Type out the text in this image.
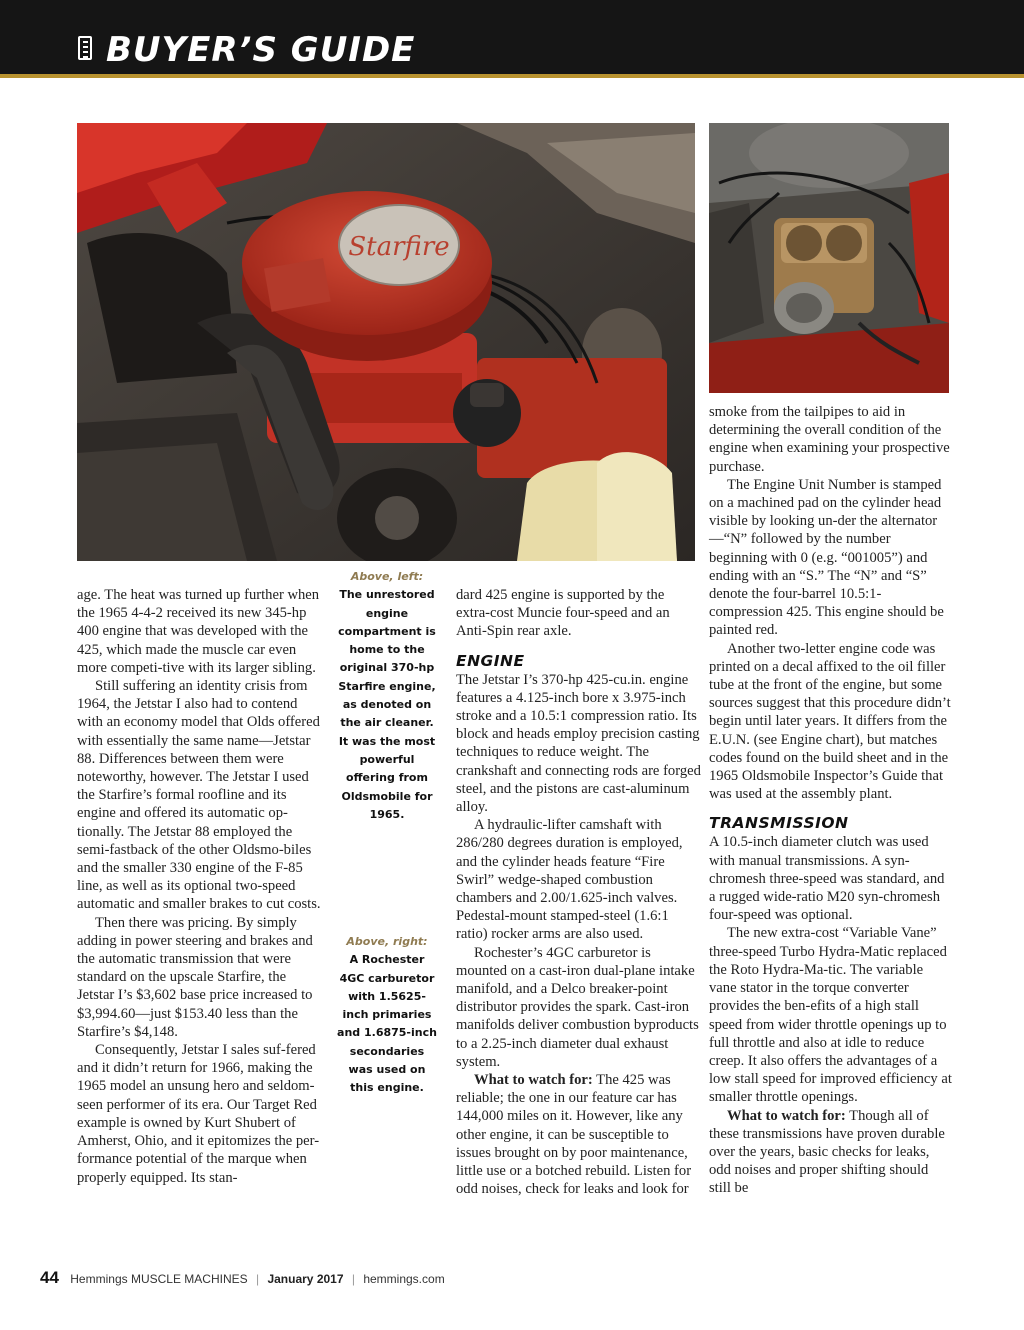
BUYER’S GUIDE
Starfire

age. The heat was turned up further when the 1965 4-4-2 received its new 345-hp 400 engine that was developed with the 425, which made the muscle car even more competi-tive with its larger sibling.

Still suffering an identity crisis from 1964, the Jetstar I also had to contend with an economy model that Olds offered with essentially the same name—Jetstar 88. Differences between them were noteworthy, however. The Jetstar I used the Starfire’s formal roofline and its engine and offered its automatic op-tionally. The Jetstar 88 employed the semi-fastback of the other Oldsmo-biles and the smaller 330 engine of the F-85 line, as well as its optional two-speed automatic and smaller brakes to cut costs.

Then there was pricing. By simply adding in power steering and brakes and the automatic transmission that were standard on the upscale Starfire, the Jetstar I’s $3,602 base price increased to $3,994.60—just $153.40 less than the Starfire’s $4,148.

Consequently, Jetstar I sales suf-fered and it didn’t return for 1966, making the 1965 model an unsung hero and seldom-seen performer of its era. Our Target Red example is owned by Kurt Shubert of Amherst, Ohio, and it epitomizes the per-formance potential of the marque when properly equipped. Its stan-

Above, left:
The unrestored engine compartment is home to the original 370-hp Starfire engine, as denoted on the air cleaner. It was the most powerful offering from Oldsmobile for 1965.
Above, right:
A Rochester 4GC carburetor with 1.5625-inch primaries and 1.6875-inch secondaries was used on this engine.

dard 425 engine is supported by the extra-cost Muncie four-speed and an Anti-Spin rear axle.

ENGINE

The Jetstar I’s 370-hp 425-cu.in. engine features a 4.125-inch bore x 3.975-inch stroke and a 10.5:1 compression ratio. Its block and heads employ precision casting techniques to reduce weight. The crankshaft and connecting rods are forged steel, and the pistons are cast-aluminum alloy.

A hydraulic-lifter camshaft with 286/280 degrees duration is employed, and the cylinder heads feature “Fire Swirl” wedge-shaped combustion chambers and 2.00/1.625-inch valves. Pedestal-mount stamped-steel (1.6:1 ratio) rocker arms are also used.

Rochester’s 4GC carburetor is mounted on a cast-iron dual-plane intake manifold, and a Delco breaker-point distributor provides the spark. Cast-iron manifolds deliver combustion byproducts to a 2.25-inch diameter dual exhaust system.

What to watch for: The 425 was reliable; the one in our feature car has 144,000 miles on it. However, like any other engine, it can be susceptible to issues brought on by poor maintenance, little use or a botched rebuild. Listen for odd noises, check for leaks and look for

smoke from the tailpipes to aid in determining the overall condition of the engine when examining your prospective purchase.

The Engine Unit Number is stamped on a machined pad on the cylinder head visible by looking un-der the alternator—“N” followed by the number beginning with 0 (e.g. “001005”) and ending with an “S.” The “N” and “S” denote the four-barrel 10.5:1-compression 425. This engine should be painted red.

Another two-letter engine code was printed on a decal affixed to the oil filler tube at the front of the engine, but some sources suggest that this procedure didn’t begin until later years. It differs from the E.U.N. (see Engine chart), but matches codes found on the build sheet and in the 1965 Oldsmobile Inspector’s Guide that was used at the assembly plant.

TRANSMISSION

A 10.5-inch diameter clutch was used with manual transmissions. A syn-chromesh three-speed was standard, and a rugged wide-ratio M20 syn-chromesh four-speed was optional.

The new extra-cost “Variable Vane” three-speed Turbo Hydra-Matic replaced the Roto Hydra-Ma-tic. The variable vane stator in the torque converter provides the ben-efits of a high stall speed from wider throttle openings up to full throttle and also at idle to reduce creep. It also offers the advantages of a low stall speed for improved efficiency at smaller throttle openings.

What to watch for: Though all of these transmissions have proven durable over the years, basic checks for leaks, odd noises and proper shifting should still be

44 Hemmings MUSCLE MACHINES | January 2017 | hemmings.com
